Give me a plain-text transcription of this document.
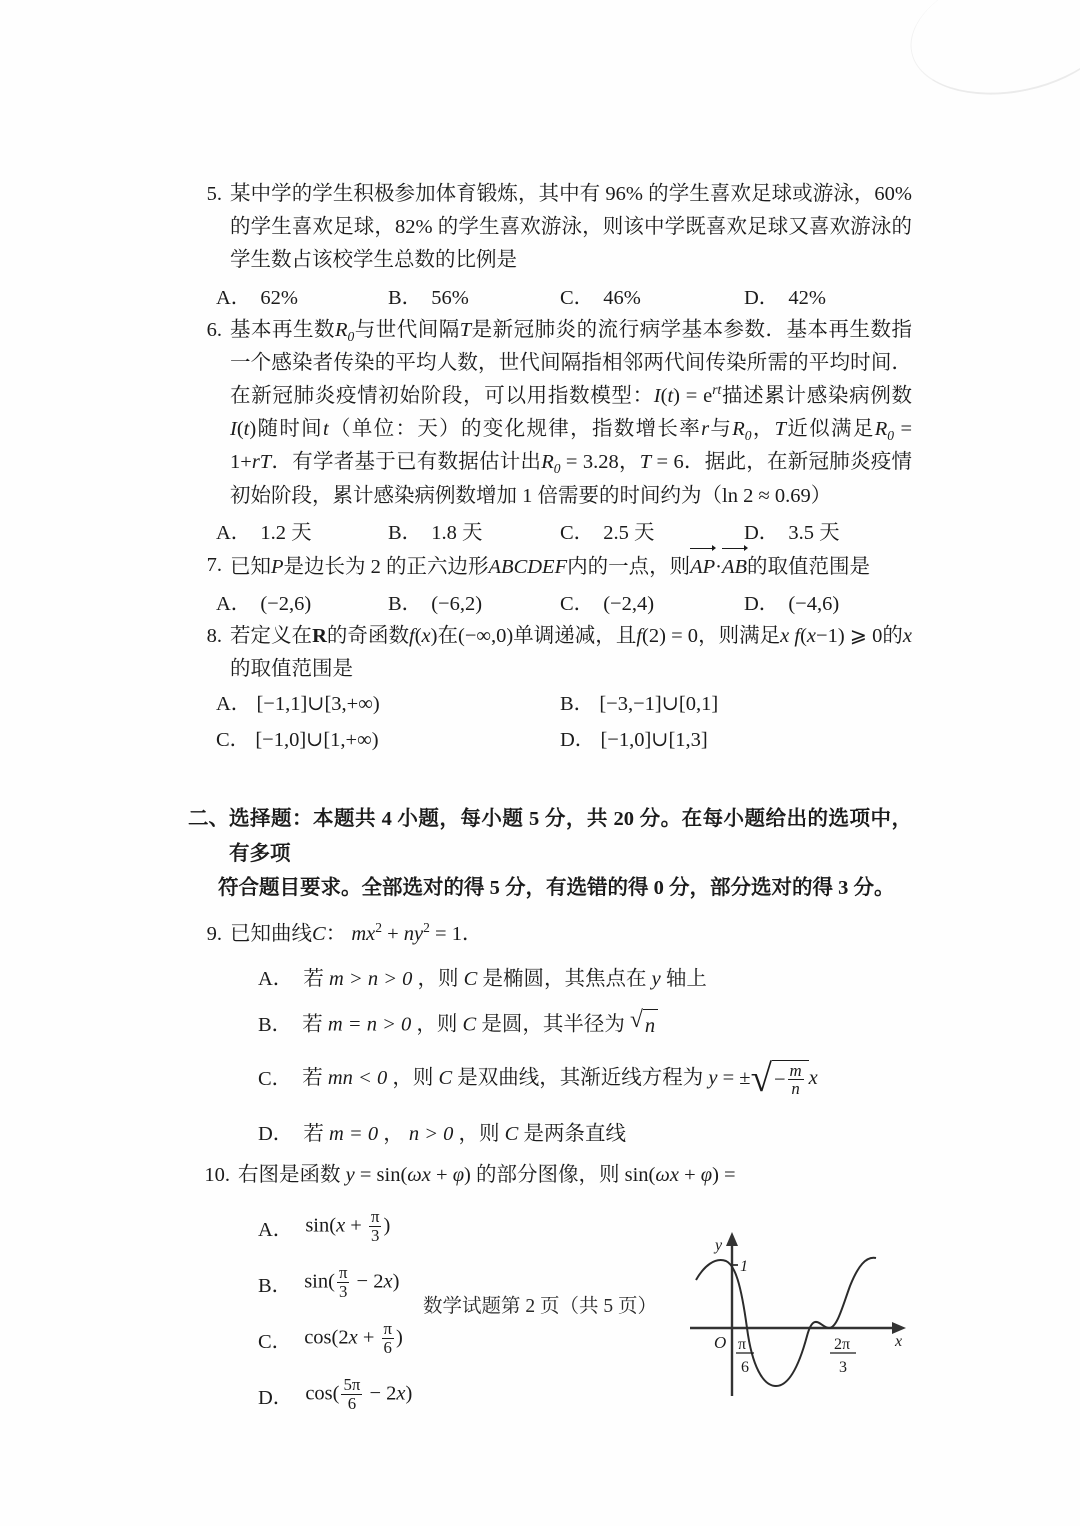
5. 某中学的学生积极参加体育锻炼，其中有 96% 的学生喜欢足球或游泳，60% 的学生喜欢足球，82% 的学生喜欢游泳，则该中学既喜欢足球又喜欢游泳的学生数占该校学生总数的比例是
A． 62%	B． 56%	C． 46%	D． 42%
6. 基本再生数$R_0$与世代间隔T是新冠肺炎的流行病学基本参数．基本再生数指一个感染者传染的平均人数，世代间隔指相邻两代间传染所需的平均时间．在新冠肺炎疫情初始阶段，可以用指数模型：$I(t) = e^{rt}$描述累计感染病例数I(t)随时间t（单位：天）的变化规律，指数增长率r与$R_0$，T近似满足$R_0 = 1+rT$．有学者基于已有数据估计出$R_0 = 3.28$，T = 6．据此，在新冠肺炎疫情初始阶段，累计感染病例数增加 1 倍需要的时间约为（ln 2 ≈ 0.69）
A． 1.2 天	B． 1.8 天	C． 2.5 天	D． 3.5 天
7. 已知P是边长为 2 的正六边形ABCDEF内的一点，则AP·AB的取值范围是
A． (−2,6)	B． (−6,2)	C． (−2,4)	D． (−4,6)
8. 若定义在R的奇函数f(x)在(−∞,0)单调递减，且f(2) = 0，则满足x f(x−1) ⩾ 0的x的取值范围是
A． [−1,1]∪[3,+∞)	B． [−3,−1]∪[0,1]
C． [−1,0]∪[1,+∞)	D． [−1,0]∪[1,3]
二、 选择题：本题共 4 小题，每小题 5 分，共 20 分。在每小题给出的选项中，有多项
符合题目要求。全部选对的得 5 分，有选错的得 0 分，部分选对的得 3 分。
9. 已知曲线C： $mx^2 + ny^2 = 1$．
A． 若 m > n > 0 ，则 C 是椭圆，其焦点在 y 轴上
B． 若 m = n > 0 ，则 C 是圆，其半径为 √ n
C． 若 mn < 0 ，则 C 是双曲线，其渐近线方程为 y = ± √ − $\frac{m}{n}$ x
D． 若 m = 0 ， n > 0 ，则 C 是两条直线
10. 右图是函数 y = sin(ωx + φ) 的部分图像，则 sin(ωx + φ) =
A． $\sin(x + \frac{\pi}{3}$ )
B． $\sin( \frac{\pi}{3} - 2x)$
C． $\cos(2x + \frac{\pi}{6}$ )
D． $\cos( \frac{5\pi}{6} - 2x)$
1
y
x
O π
6
2π
3
数学试题第 2 页（共 5 页）
